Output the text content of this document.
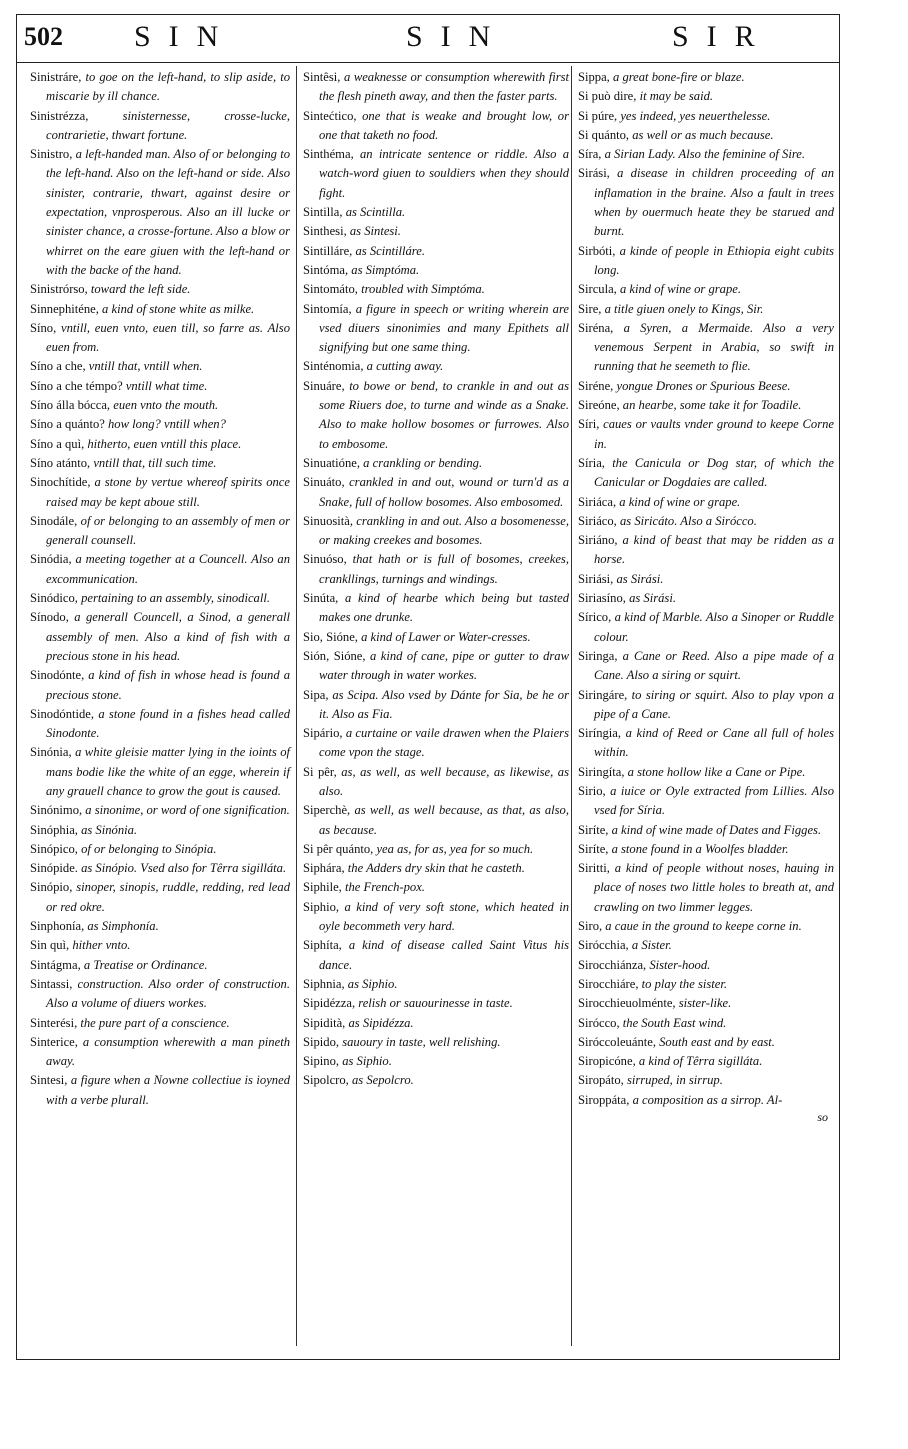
502 SIN	SIN	SIR
Sinistráre, to goe on the left-hand, to slip aside, to miscarie by ill chance.
Sinistrézza, sinisternesse, crosse-lucke, contrarietie, thwart fortune.
Sinistro, a left-handed man. Also of or belonging to the left-hand. Also on the left-hand or side. Also sinister, contrarie, thwart, against desire or expectation, vnprosperous. Also an ill lucke or sinister chance, a crosse-fortune. Also a blow or whirret on the eare giuen with the left-hand or with the backe of the hand.
Sinistrórso, toward the left side.
Sinnephiténe, a kind of stone white as milke.
Síno, vntill, euen vnto, euen till, so farre as. Also euen from.
Síno a che, vntill that, vntill when.
Síno a che témpo? vntill what time.
Síno álla bócca, euen vnto the mouth.
Síno a quánto? how long? vntill when?
Síno a quì, hitherto, euen vntill this place.
Síno atánto, vntill that, till such time.
Sinochítide, a stone by vertue whereof spirits once raised may be kept aboue still.
Sinodále, of or belonging to an assembly of men or generall counsell.
Sinódia, a meeting together at a Councell. Also an excommunication.
Sinódico, pertaining to an assembly, sinodicall.
Sínodo, a generall Councell, a Sinod, a generall assembly of men. Also a kind of fish with a precious stone in his head.
Sinodónte, a kind of fish in whose head is found a precious stone.
Sinodóntide, a stone found in a fishes head called Sinodonte.
Sinónia, a white gleisie matter lying in the ioints of mans bodie like the white of an egge, wherein if any grauell chance to grow the gout is caused.
Sinónimo, a sinonime, or word of one signification.
Sinóphia, as Sinónia.
Sinópico, of or belonging to Sinópia.
Sinópide. as Sinópio. Vsed also for Têrra sigilláta.
Sinópio, sinoper, sinopis, ruddle, redding, red lead or red okre.
Sinphonía, as Simphonía.
Sin quì, hither vnto.
Sintágma, a Treatise or Ordinance.
Sintassi, construction. Also order of construction. Also a volume of diuers workes.
Sinterési, the pure part of a conscience.
Sinterice, a consumption wherewith a man pineth away.
Sintesi, a figure when a Nowne collectiue is ioyned with a verbe plurall.
Sintêsi, a weaknesse or consumption wherewith first the flesh pineth away, and then the faster parts.
Sintećtico, one that is weake and brought low, or one that taketh no food.
Sinthéma, an intricate sentence or riddle. Also a watch-word giuen to souldiers when they should fight.
Sintilla, as Scintilla.
Sinthesi, as Sintesi.
Sintilláre, as Scintilláre.
Sintóma, as Simptóma.
Sintomáto, troubled with Simptóma.
Sintomía, a figure in speech or writing wherein are vsed diuers sinonimies and many Epithets all signifying but one same thing.
Sinténomia, a cutting away.
Sinuáre, to bowe or bend, to crankle in and out as some Riuers doe, to turne and winde as a Snake. Also to make hollow bosomes or furrowes. Also to embosome.
Sinuatióne, a crankling or bending.
Sinuáto, crankled in and out, wound or turn'd as a Snake, full of hollow bosomes. Also embosomed.
Sinuosità, crankling in and out. Also a bosomenesse, or making creekes and bosomes.
Sinuóso, that hath or is full of bosomes, creekes, crankllings, turnings and windings.
Sinúta, a kind of hearbe which being but tasted makes one drunke.
Sio, Sióne, a kind of Lawer or Water-cresses.
Sión, Sióne, a kind of cane, pipe or gutter to draw water through in water workes.
Sipa, as Scipa. Also vsed by Dánte for Sia, be he or it. Also as Fia.
Sipário, a curtaine or vaile drawen when the Plaiers come vpon the stage.
Si pêr, as, as well, as well because, as likewise, as also.
Siperchè, as well, as well because, as that, as also, as because.
Si pêr quánto, yea as, for as, yea for so much.
Siphára, the Adders dry skin that he casteth.
Siphile, the French-pox.
Siphio, a kind of very soft stone, which heated in oyle becommeth very hard.
Siphíta, a kind of disease called Saint Vitus his dance.
Siphnia, as Siphio.
Sipidézza, relish or sauourinesse in taste.
Sipidità, as Sipidézza.
Sipido, sauoury in taste, well relishing.
Sipino, as Siphio.
Sipolcro, as Sepolcro.
Sippa, a great bone-fire or blaze.
Si può dire, it may be said.
Si púre, yes indeed, yes neuerthelesse.
Si quánto, as well or as much because.
Síra, a Sirian Lady. Also the feminine of Sire.
Sirási, a disease in children proceeding of an inflamation in the braine. Also a fault in trees when by ouermuch heate they be starued and burnt.
Sirbóti, a kinde of people in Ethiopia eight cubits long.
Sircula, a kind of wine or grape.
Sire, a title giuen onely to Kings, Sir.
Siréna, a Syren, a Mermaide. Also a very venemous Serpent in Arabia, so swift in running that he seemeth to flie.
Siréne, yongue Drones or Spurious Beese.
Sireóne, an hearbe, some take it for Toadile.
Síri, caues or vaults vnder ground to keepe Corne in.
Síria, the Canicula or Dog star, of which the Canicular or Dogdaies are called.
Siriáca, a kind of wine or grape.
Siriáco, as Siricáto. Also a Sirócco.
Siriáno, a kind of beast that may be ridden as a horse.
Siriási, as Sirási.
Siriasíno, as Sirási.
Sírico, a kind of Marble. Also a Sinoper or Ruddle colour.
Siringa, a Cane or Reed. Also a pipe made of a Cane. Also a siring or squirt.
Siringáre, to siring or squirt. Also to play vpon a pipe of a Cane.
Siríngia, a kind of Reed or Cane all full of holes within.
Siringíta, a stone hollow like a Cane or Pipe.
Sirio, a iuice or Oyle extracted from Lillies. Also vsed for Síria.
Siríte, a kind of wine made of Dates and Figges.
Siríte, a stone found in a Woolfes bladder.
Siritti, a kind of people without noses, hauing in place of noses two little holes to breath at, and crawling on two limmer legges.
Siro, a caue in the ground to keepe corne in.
Sirócchia, a Sister.
Sirocchiánza, Sister-hood.
Sirocchiáre, to play the sister.
Sirocchieuolménte, sister-like.
Sirócco, the South East wind.
Siróccoleuánte, South east and by east.
Siropicóne, a kind of Têrra sigilláta.
Siropáto, sirruped, in sirrup.
Siroppáta, a composition as a sirrop. Al-
so
